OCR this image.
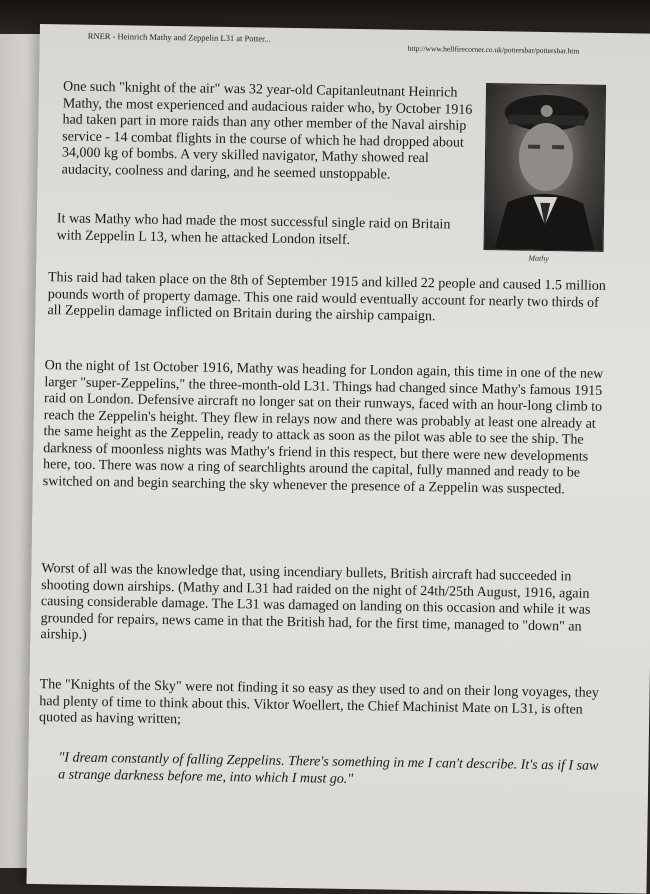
RNER - Heinrich Mathy and Zeppelin L31 at Potter...
http://www.hellfirecorner.co.uk/pottersbar/pottersbar.htm

One such "knight of the air" was 32 year-old Capitanleutnant Heinrich Mathy, the most experienced and audacious raider who, by October 1916 had taken part in more raids than any other member of the Naval airship service - 14 combat flights in the course of which he had dropped about 34,000 kg of bombs. A very skilled navigator, Mathy showed real audacity, coolness and daring, and he seemed unstoppable.

Mathy

It was Mathy who had made the most successful single raid on Britain with Zeppelin L 13, when he attacked London itself.

This raid had taken place on the 8th of September 1915 and killed 22 people and caused 1.5 million pounds worth of property damage. This one raid would eventually account for nearly two thirds of all Zeppelin damage inflicted on Britain during the airship campaign.

On the night of 1st October 1916, Mathy was heading for London again, this time in one of the new larger "super-Zeppelins," the three-month-old L31. Things had changed since Mathy's famous 1915 raid on London. Defensive aircraft no longer sat on their runways, faced with an hour-long climb to reach the Zeppelin's height. They flew in relays now and there was probably at least one already at the same height as the Zeppelin, ready to attack as soon as the pilot was able to see the ship. The darkness of moonless nights was Mathy's friend in this respect, but there were new developments here, too. There was now a ring of searchlights around the capital, fully manned and ready to be switched on and begin searching the sky whenever the presence of a Zeppelin was suspected.

Worst of all was the knowledge that, using incendiary bullets, British aircraft had succeeded in shooting down airships. (Mathy and L31 had raided on the night of 24th/25th August, 1916, again causing considerable damage. The L31 was damaged on landing on this occasion and while it was grounded for repairs, news came in that the British had, for the first time, managed to "down" an airship.)

The "Knights of the Sky" were not finding it so easy as they used to and on their long voyages, they had plenty of time to think about this. Viktor Woellert, the Chief Machinist Mate on L31, is often quoted as having written;

"I dream constantly of falling Zeppelins. There's something in me I can't describe. It's as if I saw a strange darkness before me, into which I must go."
